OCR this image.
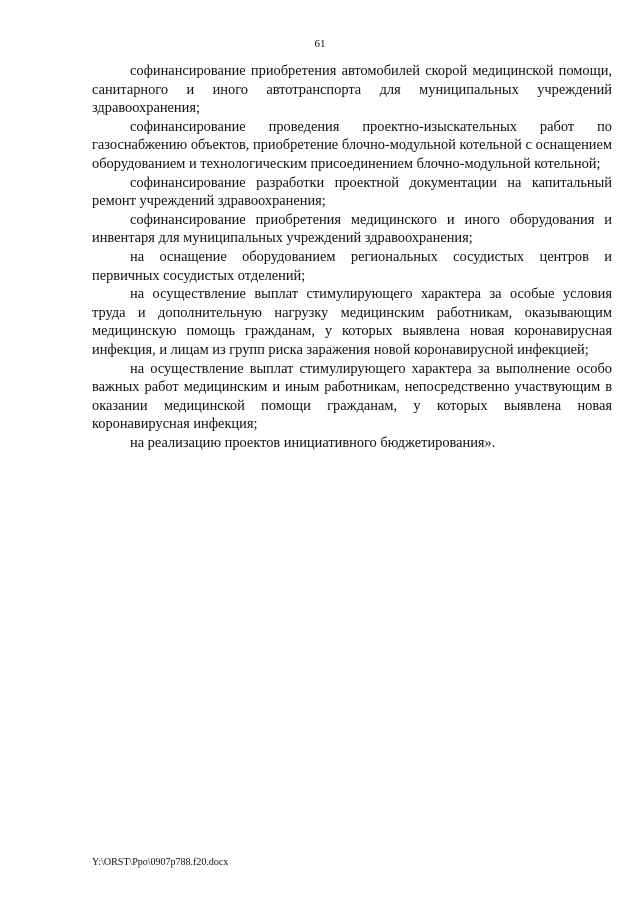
61

софинансирование приобретения автомобилей скорой медицинской помощи, санитарного и иного автотранспорта для муниципальных учреждений здравоохранения;

софинансирование проведения проектно-изыскательных работ по газоснабжению объектов, приобретение блочно-модульной котельной с оснащением оборудованием и технологическим присоединением блочно-модульной котельной;

софинансирование разработки проектной документации на капитальный ремонт учреждений здравоохранения;

софинансирование приобретения медицинского и иного оборудования и инвентаря для муниципальных учреждений здравоохранения;

на оснащение оборудованием региональных сосудистых центров и первичных сосудистых отделений;

на осуществление выплат стимулирующего характера за особые условия труда и дополнительную нагрузку медицинским работникам, оказывающим медицинскую помощь гражданам, у которых выявлена новая коронавирусная инфекция, и лицам из групп риска заражения новой коронавирусной инфекцией;

на осуществление выплат стимулирующего характера за выполнение особо важных работ медицинским и иным работникам, непосредственно участвующим в оказании медицинской помощи гражданам, у которых выявлена новая коронавирусная инфекция;

на реализацию проектов инициативного бюджетирования».

Y:\ORST\Ppo\0907p788.f20.docx
